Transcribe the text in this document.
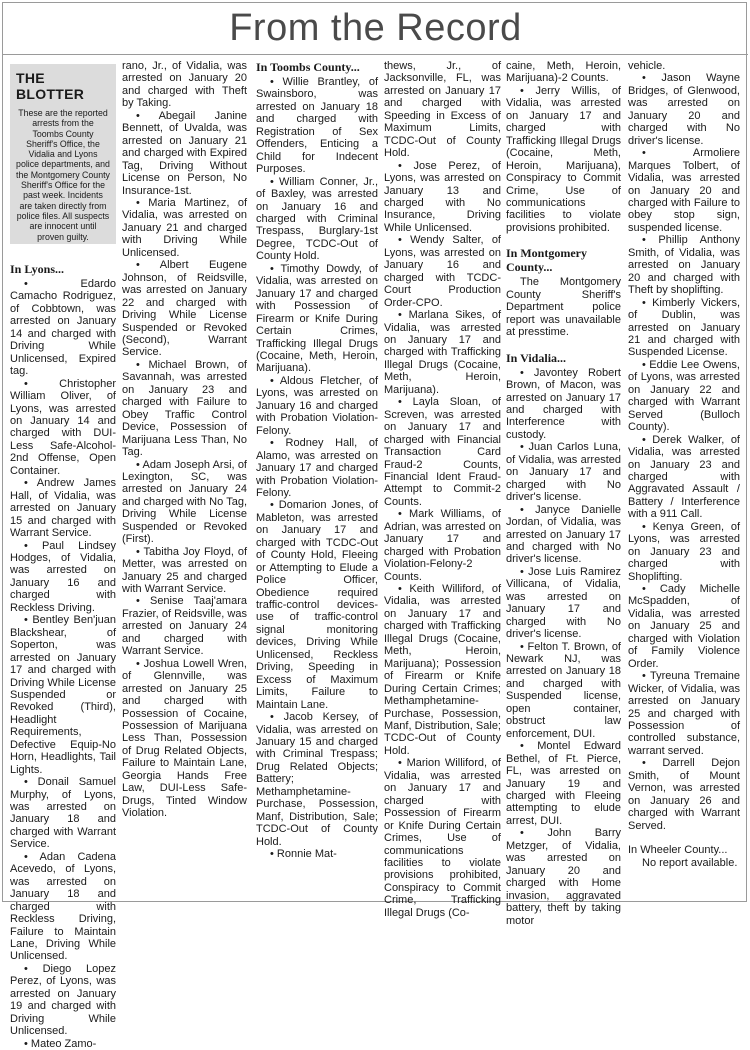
From the Record
THE BLOTTER

These are the reported arrests from the Toombs County Sheriff's Office, the Vidalia and Lyons police departments, and the Montgomery County Sheriff's Office for the past week. Incidents are taken directly from police files. All suspects are innocent until proven guilty.

In Lyons...

• Edardo Camacho Rodriguez, of Cobbtown, was arrested on January 14 and charged with Driving While Unlicensed, Expired tag.

• Christopher William Oliver, of Lyons, was arrested on January 14 and charged with DUI-Less Safe-Alcohol-2nd Offense, Open Container.

• Andrew James Hall, of Vidalia, was arrested on January 15 and charged with Warrant Service.

• Paul Lindsey Hodges, of Vidalia, was arrested on January 16 and charged with Reckless Driving.

• Bentley Ben'juan Blackshear, of Soperton, was arrested on January 17 and charged with Driving While License Suspended or Revoked (Third), Headlight Requirements, Defective Equip-No Horn, Headlights, Tail Lights.

• Donail Samuel Murphy, of Lyons, was arrested on January 18 and charged with Warrant Service.

• Adan Cadena Acevedo, of Lyons, was arrested on January 18 and charged with Reckless Driving, Failure to Maintain Lane, Driving While Unlicensed.

• Diego Lopez Perez, of Lyons, was arrested on January 19 and charged with Driving While Unlicensed.

• Mateo Zamo-

rano, Jr., of Vidalia, was arrested on January 20 and charged with Theft by Taking.

• Abegail Janine Bennett, of Uvalda, was arrested on January 21 and charged with Expired Tag, Driving Without License on Person, No Insurance-1st.

• Maria Martinez, of Vidalia, was arrested on January 21 and charged with Driving While Unlicensed.

• Albert Eugene Johnson, of Reidsville, was arrested on January 22 and charged with Driving While License Suspended or Revoked (Second), Warrant Service.

• Michael Brown, of Savannah, was arrested on January 23 and charged with Failure to Obey Traffic Control Device, Possession of Marijuana Less Than, No Tag.

• Adam Joseph Arsi, of Lexington, SC, was arrested on January 24 and charged with No Tag, Driving While License Suspended or Revoked (First).

• Tabitha Joy Floyd, of Metter, was arrested on January 25 and charged with Warrant Service.

• Senise Taaj'amara Frazier, of Reidsville, was arrested on January 24 and charged with Warrant Service.

• Joshua Lowell Wren, of Glennville, was arrested on January 25 and charged with Possession of Cocaine, Possession of Marijuana Less Than, Possession of Drug Related Objects, Failure to Maintain Lane, Georgia Hands Free Law, DUI-Less Safe-Drugs, Tinted Window Violation.

In Toombs County...

• Willie Brantley, of Swainsboro, was arrested on January 18 and charged with Registration of Sex Offenders, Enticing a Child for Indecent Purposes.

• William Conner, Jr., of Baxley, was arrested on January 16 and charged with Criminal Trespass, Burglary-1st Degree, TCDC-Out of County Hold.

• Timothy Dowdy, of Vidalia, was arrested on January 17 and charged with Possession of Firearm or Knife During Certain Crimes, Trafficking Illegal Drugs (Cocaine, Meth, Heroin, Marijuana).

• Aldous Fletcher, of Lyons, was arrested on January 16 and charged with Probation Violation-Felony.

• Rodney Hall, of Alamo, was arrested on January 17 and charged with Probation Violation-Felony.

• Domarion Jones, of Mableton, was arrested on January 17 and charged with TCDC-Out of County Hold, Fleeing or Attempting to Elude a Police Officer, Obedience required traffic-control devices-use of traffic-control signal monitoring devices, Driving While Unlicensed, Reckless Driving, Speeding in Excess of Maximum Limits, Failure to Maintain Lane.

• Jacob Kersey, of Vidalia, was arrested on January 15 and charged with Criminal Trespass; Drug Related Objects; Battery; Methamphetamine-Purchase, Possession, Manf, Distribution, Sale; TCDC-Out of County Hold.

• Ronnie Mat-

thews, Jr., of Jacksonville, FL, was arrested on January 17 and charged with Speeding in Excess of Maximum Limits, TCDC-Out of County Hold.

• Jose Perez, of Lyons, was arrested on January 13 and charged with No Insurance, Driving While Unlicensed.

• Wendy Salter, of Lyons, was arrested on January 16 and charged with TCDC-Court Production Order-CPO.

• Marlana Sikes, of Vidalia, was arrested on January 17 and charged with Trafficking Illegal Drugs (Cocaine, Meth, Heroin, Marijuana).

• Layla Sloan, of Screven, was arrested on January 17 and charged with Financial Transaction Card Fraud-2 Counts, Financial Ident Fraud-Attempt to Commit-2 Counts.

• Mark Williams, of Adrian, was arrested on January 17 and charged with Probation Violation-Felony-2 Counts.

• Keith Williford, of Vidalia, was arrested on January 17 and charged with Trafficking Illegal Drugs (Cocaine, Meth, Heroin, Marijuana); Possession of Firearm or Knife During Certain Crimes; Methamphetamine-Purchase, Possession, Manf, Distribution, Sale; TCDC-Out of County Hold.

• Marion Williford, of Vidalia, was arrested on January 17 and charged with Possession of Firearm or Knife During Certain Crimes, Use of communications facilities to violate provisions prohibited, Conspiracy to Commit Crime, Trafficking Illegal Drugs (Co-

caine, Meth, Heroin, Marijuana)-2 Counts.

• Jerry Willis, of Vidalia, was arrested on January 17 and charged with Trafficking Illegal Drugs (Cocaine, Meth, Heroin, Marijuana), Conspiracy to Commit Crime, Use of communications facilities to violate provisions prohibited.

In Montgomery County...

The Montgomery County Sheriff's Department police report was unavailable at presstime.

In Vidalia...

• Javontey Robert Brown, of Macon, was arrested on January 17 and charged with Interference with custody.

• Juan Carlos Luna, of Vidalia, was arrested on January 17 and charged with No driver's license.

• Janyce Danielle Jordan, of Vidalia, was arrested on January 17 and charged with No driver's license.

• Jose Luis Ramirez Villicana, of Vidalia, was arrested on January 17 and charged with No driver's license.

• Felton T. Brown, of Newark NJ, was arrested on January 18 and charged with Suspended license, open container, obstruct law enforcement, DUI.

• Montel Edward Bethel, of Ft. Pierce, FL, was arrested on January 19 and charged with Fleeing attempting to elude arrest, DUI.

• John Barry Metzger, of Vidalia, was arrested on January 20 and charged with Home invasion, aggravated battery, theft by taking motor

vehicle.

• Jason Wayne Bridges, of Glenwood, was arrested on January 20 and charged with No driver's license.

• Armoliere Marques Tolbert, of Vidalia, was arrested on January 20 and charged with Failure to obey stop sign, suspended license.

• Phillip Anthony Smith, of Vidalia, was arrested on January 20 and charged with Theft by shoplifting.

• Kimberly Vickers, of Dublin, was arrested on January 21 and charged with Suspended License.

• Eddie Lee Owens, of Lyons, was arrested on January 22 and charged with Warrant Served (Bulloch County).

• Derek Walker, of Vidalia, was arrested on January 23 and charged with Aggravated Assault / Battery / Interference with a 911 Call.

• Kenya Green, of Lyons, was arrested on January 23 and charged with Shoplifting.

• Cady Michelle McSpadden, of Vidalia, was arrested on January 25 and charged with Violation of Family Violence Order.

• Tyreuna Tremaine Wicker, of Vidalia, was arrested on January 25 and charged with Possession of controlled substance, warrant served.

• Darrell Dejon Smith, of Mount Vernon, was arrested on January 26 and charged with Warrant Served.

In Wheeler County...

No report available.
